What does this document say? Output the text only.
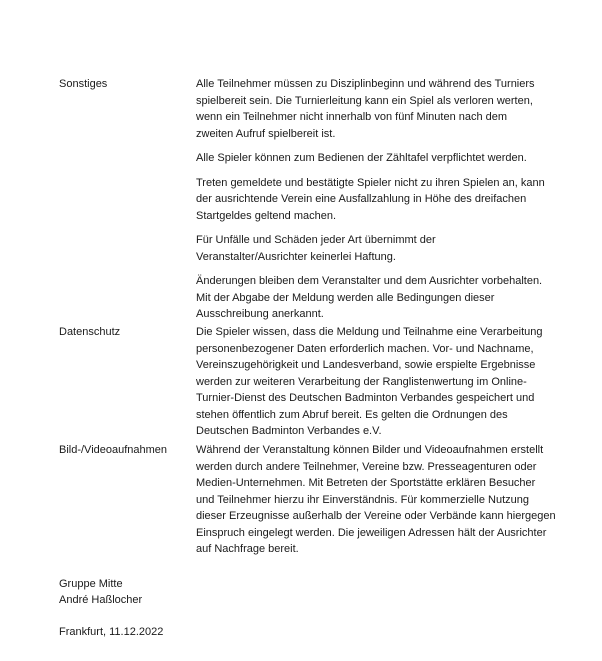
Sonstiges	Alle Teilnehmer müssen zu Disziplinbeginn und während des Turniers
spielbereit sein. Die Turnierleitung kann ein Spiel als verloren werten,
wenn ein Teilnehmer nicht innerhalb von fünf Minuten nach dem
zweiten Aufruf spielbereit ist.

Alle Spieler können zum Bedienen der Zähltafel verpflichtet werden.

Treten gemeldete und bestätigte Spieler nicht zu ihren Spielen an, kann
der ausrichtende Verein eine Ausfallzahlung in Höhe des dreifachen
Startgeldes geltend machen.

Für Unfälle und Schäden jeder Art übernimmt der
Veranstalter/Ausrichter keinerlei Haftung.

Änderungen bleiben dem Veranstalter und dem Ausrichter vorbehalten.
Mit der Abgabe der Meldung werden alle Bedingungen dieser
Ausschreibung anerkannt.

Datenschutz	Die Spieler wissen, dass die Meldung und Teilnahme eine Verarbeitung
personenbezogener Daten erforderlich machen. Vor- und Nachname,
Vereinszugehörigkeit und Landesverband, sowie erspielte Ergebnisse
werden zur weiteren Verarbeitung der Ranglistenwertung im Online-
Turnier-Dienst des Deutschen Badminton Verbandes gespeichert und
stehen öffentlich zum Abruf bereit. Es gelten die Ordnungen des
Deutschen Badminton Verbandes e.V.

Bild-/Videoaufnahmen	Während der Veranstaltung können Bilder und Videoaufnahmen erstellt
werden durch andere Teilnehmer, Vereine bzw. Presseagenturen oder
Medien-Unternehmen. Mit Betreten der Sportstätte erklären Besucher
und Teilnehmer hierzu ihr Einverständnis. Für kommerzielle Nutzung
dieser Erzeugnisse außerhalb der Vereine oder Verbände kann hiergegen
Einspruch eingelegt werden. Die jeweiligen Adressen hält der Ausrichter
auf Nachfrage bereit.

Gruppe Mitte
André Haßlocher
Frankfurt, 11.12.2022
